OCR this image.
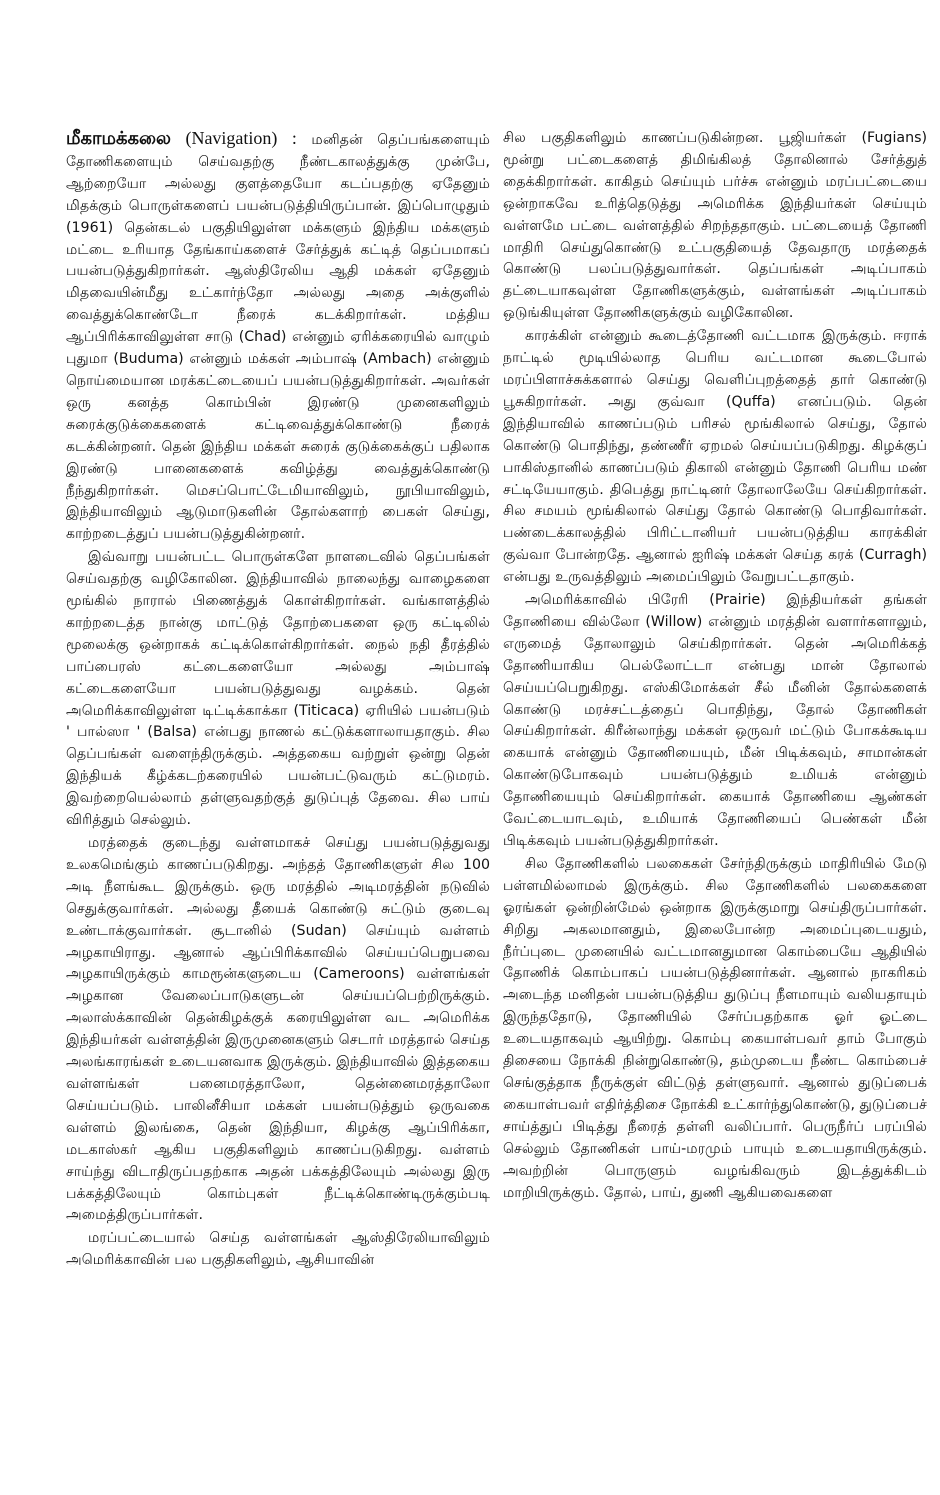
மீகாமக்கலை (Navigation) : மனிதன் தெப்பங்களையும் தோணிகளையும் செய்வதற்கு நீண்டகாலத்துக்கு முன்பே, ஆற்றையோ அல்லது குளத்தையோ கடப்பதற்கு ஏதேனும் மிதக்கும் பொருள்களைப் பயன்படுத்தியிருப்பான். இப்பொழுதும் (1961) தென்கடல் பகுதியிலுள்ள மக்களும் இந்திய மக்களும் மட்டை உரியாத தேங்காய்களைச் சேர்த்துக் கட்டித் தெப்பமாகப் பயன்படுத்துகிறார்கள். ஆஸ்திரேலிய ஆதி மக்கள் ஏதேனும் மிதவையின்மீது உட்கார்ந்தோ அல்லது அதை அக்குளில் வைத்துக்கொண்டோ நீரைக் கடக்கிறார்கள். மத்திய ஆப்பிரிக்காவிலுள்ள சாடு (Chad) என்னும் ஏரிக்கரையில் வாழும் புதுமா (Buduma) என்னும் மக்கள் அம்பாஷ் (Ambach) என்னும் நொய்மையான மரக்கட்டையைப் பயன்படுத்துகிறார்கள். அவர்கள் ஒரு கனத்த கொம்பின் இரண்டு முனைகளிலும் சுரைக்குடுக்கைகளைக் கட்டிவைத்துக்கொண்டு நீரைக் கடக்கின்றனர். தென் இந்திய மக்கள் சுரைக் குடுக்கைக்குப் பதிலாக இரண்டு பானைகளைக் கவிழ்த்து வைத்துக்கொண்டு நீந்துகிறார்கள். மெசப்பொட்டேமியாவிலும், நூபியாவிலும், இந்தியாவிலும் ஆடுமாடுகளின் தோல்களாற் பைகள் செய்து, காற்றடைத்துப் பயன்படுத்துகின்றனர்.

இவ்வாறு பயன்பட்ட பொருள்களே நாளடைவில் தெப்பங்கள் செய்வதற்கு வழிகோலின. இந்தியாவில் நாலைந்து வாழைகளை மூங்கில் நாரால் பிணைத்துக் கொள்கிறார்கள். வங்காளத்தில் காற்றடைத்த நான்கு மாட்டுத் தோற்பைகளை ஒரு கட்டிலில் மூலைக்கு ஒன்றாகக் கட்டிக்கொள்கிறார்கள். நைல் நதி தீரத்தில் பாப்பைரஸ் கட்டைகளையோ அல்லது அம்பாஷ் கட்டைகளையோ பயன்படுத்துவது வழக்கம். தென் அமெரிக்காவிலுள்ள டிட்டிக்காக்கா (Titicaca) ஏரியில் பயன்படும் ' பால்ஸா ' (Balsa) என்பது நாணல் கட்டுக்களாலாயதாகும். சில தெப்பங்கள் வளைந்திருக்கும். அத்தகைய வற்றுள் ஒன்று தென் இந்தியக் கீழ்க்கடற்கரையில் பயன்பட்டுவரும் கட்டுமரம். இவற்றையெல்லாம் தள்ளுவதற்குத் துடுப்புத் தேவை. சில பாய் விரித்தும் செல்லும்.

மரத்தைக் குடைந்து வள்ளமாகச் செய்து பயன்படுத்துவது உலகமெங்கும் காணப்படுகிறது. அந்தத் தோணிகளுள் சில 100 அடி நீளங்கூட இருக்கும். ஒரு மரத்தில் அடிமரத்தின் நடுவில் செதுக்குவார்கள். அல்லது தீயைக் கொண்டு சுட்டும் குடைவு உண்டாக்குவார்கள். சூடானில் (Sudan) செய்யும் வள்ளம் அழகாயிராது. ஆனால் ஆப்பிரிக்காவில் செய்யப்பெறுபவை அழகாயிருக்கும் காமரூன்களுடைய (Cameroons) வள்ளங்கள் அழகான வேலைப்பாடுகளுடன் செய்யப்பெற்றிருக்கும். அலாஸ்க்காவின் தென்கிழக்குக் கரையிலுள்ள வட அமெரிக்க இந்தியர்கள் வள்ளத்தின் இருமுனைகளும் செடார் மரத்தால் செய்த அலங்காரங்கள் உடையனவாக இருக்கும். இந்தியாவில் இத்தகைய வள்ளங்கள் பனைமரத்தாலோ, தென்னைமரத்தாலோ செய்யப்படும். பாலினீசியா மக்கள் பயன்படுத்தும் ஒருவகை வள்ளம் இலங்கை, தென் இந்தியா, கிழக்கு ஆப்பிரிக்கா, மடகாஸ்கர் ஆகிய பகுதிகளிலும் காணப்படுகிறது. வள்ளம் சாய்ந்து விடாதிருப்பதற்காக அதன் பக்கத்திலேயும் அல்லது இரு பக்கத்திலேயும் கொம்புகள் நீட்டிக்கொண்டிருக்கும்படி அமைத்திருப்பார்கள்.

மரப்பட்டையால் செய்த வள்ளங்கள் ஆஸ்திரேலியாவிலும் அமெரிக்காவின் பல பகுதிகளிலும், ஆசியாவின்

சில பகுதிகளிலும் காணப்படுகின்றன. பூஜியர்கள் (Fugians) மூன்று பட்டைகளைத் திமிங்கிலத் தோலினால் சேர்த்துத் தைக்கிறார்கள். காகிதம் செய்யும் பர்ச்சு என்னும் மரப்பட்டையை ஒன்றாகவே உரித்தெடுத்து அமெரிக்க இந்தியர்கள் செய்யும் வள்ளமே பட்டை வள்ளத்தில் சிறந்ததாகும். பட்டையைத் தோணி மாதிரி செய்துகொண்டு உட்பகுதியைத் தேவதாரு மரத்தைக் கொண்டு பலப்படுத்துவார்கள். தெப்பங்கள் அடிப்பாகம் தட்டையாகவுள்ள தோணிகளுக்கும், வள்ளங்கள் அடிப்பாகம் ஒடுங்கியுள்ள தோணிகளுக்கும் வழிகோலின.

காரக்கிள் என்னும் கூடைத்தோணி வட்டமாக இருக்கும். ஈராக் நாட்டில் மூடியில்லாத பெரிய வட்டமான கூடைபோல் மரப்பிளாச்சுக்களால் செய்து வெளிப்புறத்தைத் தார் கொண்டு பூசுகிறார்கள். அது குவ்வா (Quffa) எனப்படும். தென் இந்தியாவில் காணப்படும் பரிசல் மூங்கிலால் செய்து, தோல் கொண்டு பொதிந்து, தண்ணீர் ஏறமல் செய்யப்படுகிறது. கிழக்குப் பாகிஸ்தானில் காணப்படும் திகாலி என்னும் தோணி பெரிய மண் சட்டியேயாகும். திபெத்து நாட்டினர் தோலாலேயே செய்கிறார்கள். சில சமயம் மூங்கிலால் செய்து தோல் கொண்டு பொதிவார்கள். பண்டைக்காலத்தில் பிரிட்டானியர் பயன்படுத்திய காரக்கிள் குவ்வா போன்றதே. ஆனால் ஐரிஷ் மக்கள் செய்த கரக் (Curragh) என்பது உருவத்திலும் அமைப்பிலும் வேறுபட்டதாகும்.

அமெரிக்காவில் பிரேரி (Prairie) இந்தியர்கள் தங்கள் தோணியை வில்லோ (Willow) என்னும் மரத்தின் வளார்களாலும், எருமைத் தோலாலும் செய்கிறார்கள். தென் அமெரிக்கத் தோணியாகிய பெல்லோட்டா என்பது மான் தோலால் செய்யப்பெறுகிறது. எஸ்கிமோக்கள் சீல் மீனின் தோல்களைக் கொண்டு மரச்சட்டத்தைப் பொதிந்து, தோல் தோணிகள் செய்கிறார்கள். கிரீன்லாந்து மக்கள் ஒருவர் மட்டும் போகக்கூடிய கையாக் என்னும் தோணியையும், மீன் பிடிக்கவும், சாமான்கள் கொண்டுபோகவும் பயன்படுத்தும் உமியக் என்னும் தோணியையும் செய்கிறார்கள். கையாக் தோணியை ஆண்கள் வேட்டையாடவும், உமியாக் தோணியைப் பெண்கள் மீன் பிடிக்கவும் பயன்படுத்துகிறார்கள்.

சில தோணிகளில் பலகைகள் சேர்ந்திருக்கும் மாதிரியில் மேடு பள்ளமில்லாமல் இருக்கும். சில தோணிகளில் பலகைகளை ஓரங்கள் ஒன்றின்மேல் ஒன்றாக இருக்குமாறு செய்திருப்பார்கள். சிறிது அகலமானதும், இலைபோன்ற அமைப்புடையதும், நீர்ப்புடை முனையில் வட்டமானதுமான கொம்பையே ஆதியில் தோணிக் கொம்பாகப் பயன்படுத்தினார்கள். ஆனால் நாகரிகம் அடைந்த மனிதன் பயன்படுத்திய துடுப்பு நீளமாயும் வலியதாயும் இருந்ததோடு, தோணியில் சேர்ப்பதற்காக ஓர் ஓட்டை உடையதாகவும் ஆயிற்று. கொம்பு கையாள்பவர் தாம் போகும் திசையை நோக்கி நின்றுகொண்டு, தம்முடைய நீண்ட கொம்பைச் செங்குத்தாக நீருக்குள் விட்டுத் தள்ளுவார். ஆனால் துடுப்பைக் கையாள்பவர் எதிர்த்திசை நோக்கி உட்கார்ந்துகொண்டு, துடுப்பைச் சாய்த்துப் பிடித்து நீரைத் தள்ளி வலிப்பார். பெருநீர்ப் பரப்பில் செல்லும் தோணிகள் பாய்-மரமும் பாயும் உடையதாயிருக்கும். அவற்றின் பொருளும் வழங்கிவரும் இடத்துக்கிடம் மாறியிருக்கும். தோல், பாய், துணி ஆகியவைகளை
